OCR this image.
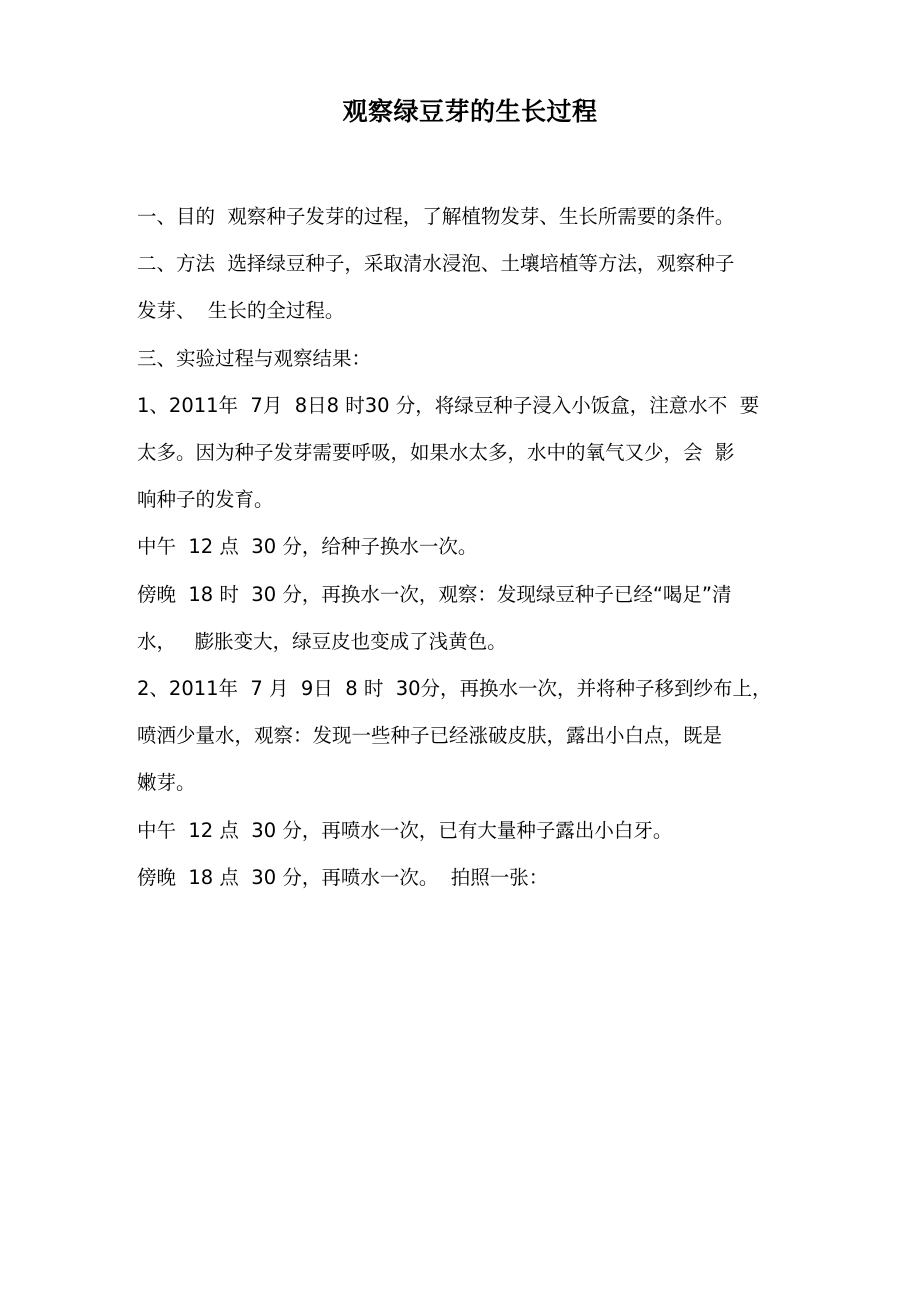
观察绿豆芽的生长过程

一、目的  观察种子发芽的过程，了解植物发芽、生长所需要的条件。

二、方法  选择绿豆种子，采取清水浸泡、土壤培植等方法，观察种子

发芽、  生长的全过程。

三、实验过程与观察结果：

1、2011年  7月  8日8 时30 分，将绿豆种子浸入小饭盒，注意水不  要

太多。因为种子发芽需要呼吸，如果水太多，水中的氧气又少，会  影

响种子的发育。

中午  12 点  30 分，给种子换水一次。

傍晚  18 时  30 分，再换水一次，观察：发现绿豆种子已经“喝足”清

水，   膨胀变大，绿豆皮也变成了浅黄色。

2、2011年  7 月  9日  8 时  30分，再换水一次，并将种子移到纱布上，

喷洒少量水，观察：发现一些种子已经涨破皮肤，露出小白点，既是

嫩芽。

中午  12 点  30 分，再喷水一次，已有大量种子露出小白牙。

傍晚  18 点  30 分，再喷水一次。  拍照一张：
